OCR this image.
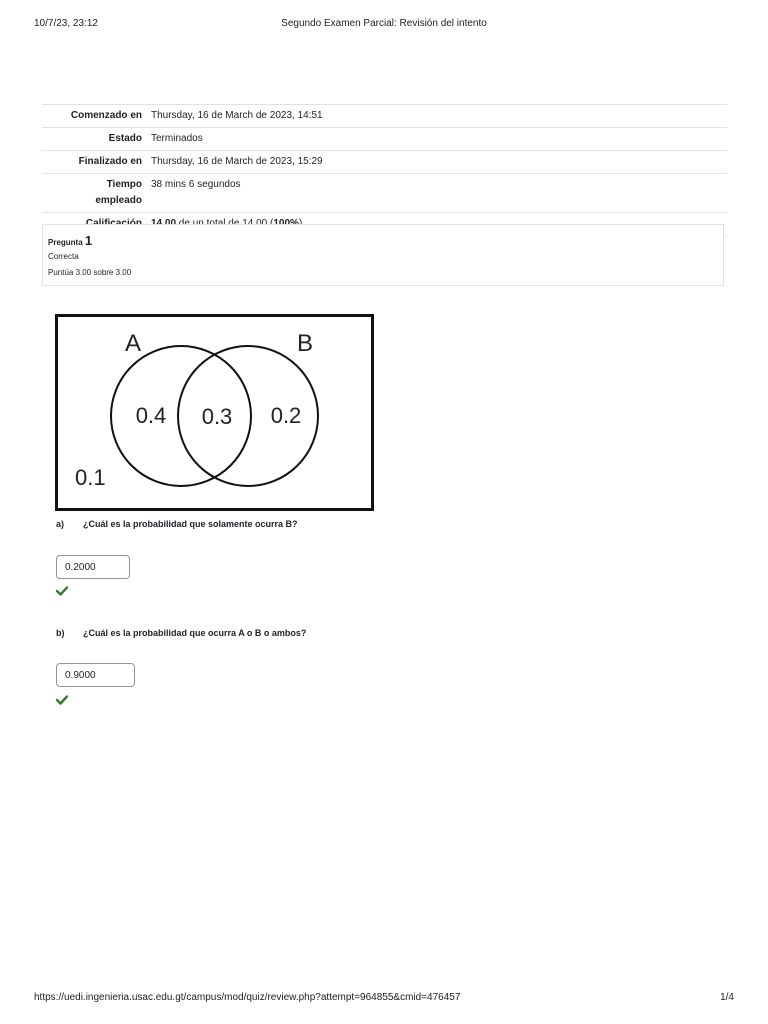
10/7/23, 23:12	Segundo Examen Parcial: Revisión del intento
Comenzado en	Thursday, 16 de March de 2023, 14:51
Estado	Terminados
Finalizado en	Thursday, 16 de March de 2023, 15:29
Tiempo
empleado	38 mins 6 segundos

Pregunta 1
Correcta
Puntúa 3.00 sobre 3.00
A	B
0.4 0.3 0.2
0.1
a) ¿Cuál es la probabilidad que solamente ocurra B?
0.2000
b) ¿Cuál es la probabilidad que ocurra A o B o ambos?
0.9000
https://uedi.ingenieria.usac.edu.gt/campus/mod/quiz/review.php?attempt=964855&cmid=476457	1/4
